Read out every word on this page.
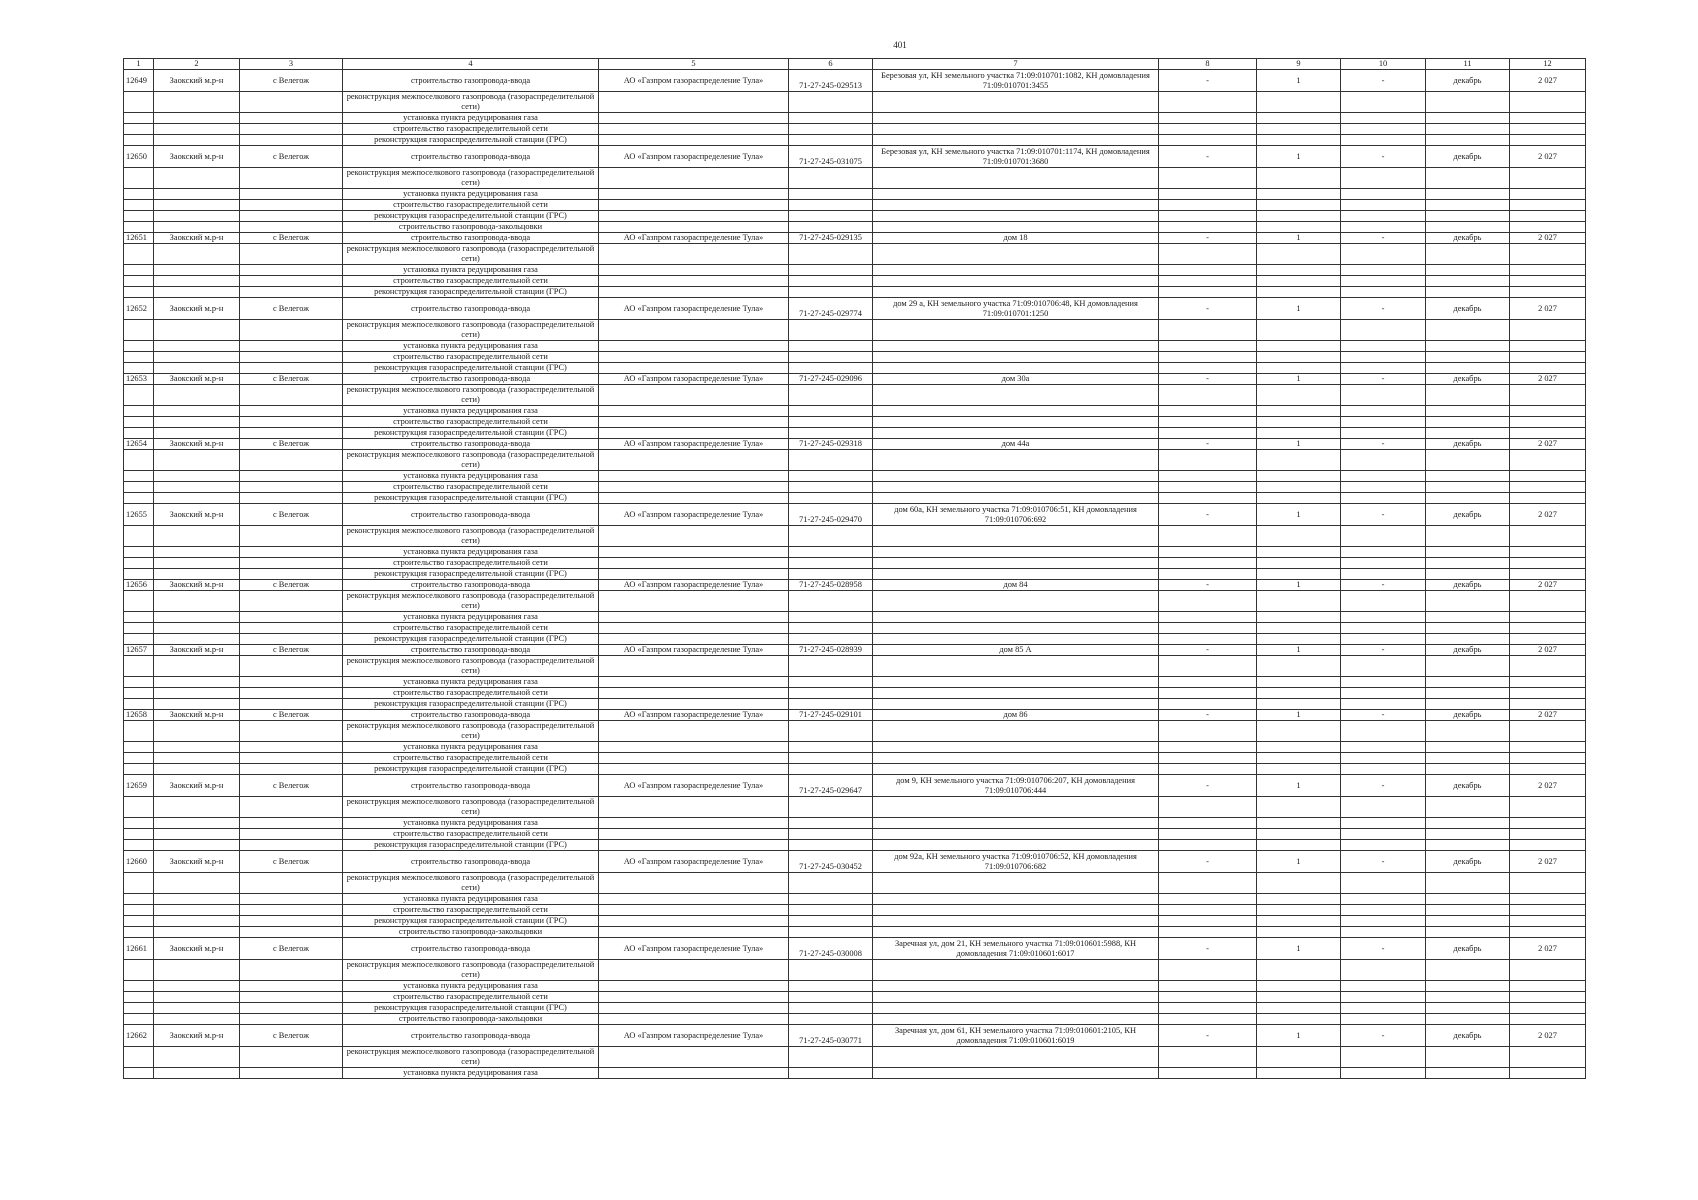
401
1	2	3	4	5	6	7	8	9	10	11	12
12649	Заокский м.р-н	с Велегож	строительство газопровода-ввода	АО «Газпром газораспределение Тула»	71-27-245-029513	Березовая ул, КН земельного участка 71:09:010701:1082, КН домовладения 71:09:010701:3455	-	1	-	декабрь	2 027
			реконструкция межпоселкового газопровода (газораспределительной сети)								
			установка пункта редуцирования газа								
			строительство газораспределительной сети								
			реконструкция газораспределительной станции (ГРС)								
12650	Заокский м.р-н	с Велегож	строительство газопровода-ввода	АО «Газпром газораспределение Тула»	71-27-245-031075	Березовая ул, КН земельного участка 71:09:010701:1174, КН домовладения 71:09:010701:3680	-	1	-	декабрь	2 027
			реконструкция межпоселкового газопровода (газораспределительной сети)								
			установка пункта редуцирования газа								
			строительство газораспределительной сети								
			реконструкция газораспределительной станции (ГРС)								
			строительство газопровода-закольцовки								
12651	Заокский м.р-н	с Велегож	строительство газопровода-ввода	АО «Газпром газораспределение Тула»	71-27-245-029135	дом 18	-	1	-	декабрь	2 027
			реконструкция межпоселкового газопровода (газораспределительной сети)								
			установка пункта редуцирования газа								
			строительство газораспределительной сети								
			реконструкция газораспределительной станции (ГРС)								
12652	Заокский м.р-н	с Велегож	строительство газопровода-ввода	АО «Газпром газораспределение Тула»	71-27-245-029774	дом 29 а, КН земельного участка 71:09:010706:48, КН домовладения 71:09:010701:1250	-	1	-	декабрь	2 027
			реконструкция межпоселкового газопровода (газораспределительной сети)								
			установка пункта редуцирования газа								
			строительство газораспределительной сети								
			реконструкция газораспределительной станции (ГРС)								
12653	Заокский м.р-н	с Велегож	строительство газопровода-ввода	АО «Газпром газораспределение Тула»	71-27-245-029096	дом 30а	-	1	-	декабрь	2 027
			реконструкция межпоселкового газопровода (газораспределительной сети)								
			установка пункта редуцирования газа								
			строительство газораспределительной сети								
			реконструкция газораспределительной станции (ГРС)								
12654	Заокский м.р-н	с Велегож	строительство газопровода-ввода	АО «Газпром газораспределение Тула»	71-27-245-029318	дом 44а	-	1	-	декабрь	2 027
			реконструкция межпоселкового газопровода (газораспределительной сети)								
			установка пункта редуцирования газа								
			строительство газораспределительной сети								
			реконструкция газораспределительной станции (ГРС)								
12655	Заокский м.р-н	с Велегож	строительство газопровода-ввода	АО «Газпром газораспределение Тула»	71-27-245-029470	дом 60а, КН земельного участка 71:09:010706:51, КН домовладения 71:09:010706:692	-	1	-	декабрь	2 027
			реконструкция межпоселкового газопровода (газораспределительной сети)								
			установка пункта редуцирования газа								
			строительство газораспределительной сети								
			реконструкция газораспределительной станции (ГРС)								
12656	Заокский м.р-н	с Велегож	строительство газопровода-ввода	АО «Газпром газораспределение Тула»	71-27-245-028958	дом 84	-	1	-	декабрь	2 027
			реконструкция межпоселкового газопровода (газораспределительной сети)								
			установка пункта редуцирования газа								
			строительство газораспределительной сети								
			реконструкция газораспределительной станции (ГРС)								
12657	Заокский м.р-н	с Велегож	строительство газопровода-ввода	АО «Газпром газораспределение Тула»	71-27-245-028939	дом 85 А	-	1	-	декабрь	2 027
			реконструкция межпоселкового газопровода (газораспределительной сети)								
			установка пункта редуцирования газа								
			строительство газораспределительной сети								
			реконструкция газораспределительной станции (ГРС)								
12658	Заокский м.р-н	с Велегож	строительство газопровода-ввода	АО «Газпром газораспределение Тула»	71-27-245-029101	дом 86	-	1	-	декабрь	2 027
			реконструкция межпоселкового газопровода (газораспределительной сети)								
			установка пункта редуцирования газа								
			строительство газораспределительной сети								
			реконструкция газораспределительной станции (ГРС)								
12659	Заокский м.р-н	с Велегож	строительство газопровода-ввода	АО «Газпром газораспределение Тула»	71-27-245-029647	дом 9, КН земельного участка 71:09:010706:207, КН домовладения 71:09:010706:444	-	1	-	декабрь	2 027
			реконструкция межпоселкового газопровода (газораспределительной сети)								
			установка пункта редуцирования газа								
			строительство газораспределительной сети								
			реконструкция газораспределительной станции (ГРС)								
12660	Заокский м.р-н	с Велегож	строительство газопровода-ввода	АО «Газпром газораспределение Тула»	71-27-245-030452	дом 92а, КН земельного участка 71:09:010706:52, КН домовладения 71:09:010706:682	-	1	-	декабрь	2 027
			реконструкция межпоселкового газопровода (газораспределительной сети)								
			установка пункта редуцирования газа								
			строительство газораспределительной сети								
			реконструкция газораспределительной станции (ГРС)								
			строительство газопровода-закольцовки								
12661	Заокский м.р-н	с Велегож	строительство газопровода-ввода	АО «Газпром газораспределение Тула»	71-27-245-030008	Заречная ул, дом 21, КН земельного участка 71:09:010601:5988, КН домовладения 71:09:010601:6017	-	1	-	декабрь	2 027
			реконструкция межпоселкового газопровода (газораспределительной сети)								
			установка пункта редуцирования газа								
			строительство газораспределительной сети								
			реконструкция газораспределительной станции (ГРС)								
			строительство газопровода-закольцовки								
12662	Заокский м.р-н	с Велегож	строительство газопровода-ввода	АО «Газпром газораспределение Тула»	71-27-245-030771	Заречная ул, дом 61, КН земельного участка 71:09:010601:2105, КН домовладения 71:09:010601:6019	-	1	-	декабрь	2 027
			реконструкция межпоселкового газопровода (газораспределительной сети)								
			установка пункта редуцирования газа								
